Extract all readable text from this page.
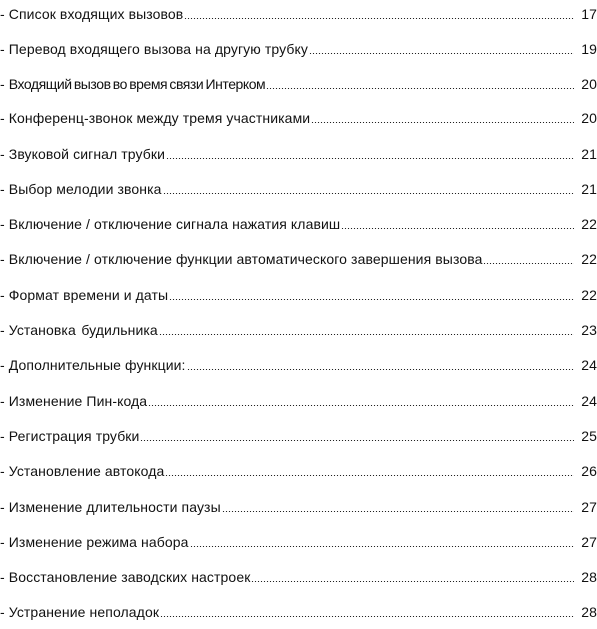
- Список входящих вызовов	17
- Перевод входящего вызова на другую трубку	19
- Входящий вызов во время связи Интерком	20
- Конференц-звонок между тремя участниками	20
- Звуковой сигнал трубки	21
- Выбор мелодии звонка	21
- Включение / отключение сигнала нажатия клавиш	22
- Включение / отключение функции автоматического завершения вызова	22
- Формат времени и даты	22
- Установка будильника	23
- Дополнительные функции:	24
- Изменение Пин-кода	24
- Регистрация трубки	25
- Установление автокода	26
- Изменение длительности паузы	27
- Изменение режима набора	27
- Восстановление заводских настроек	28
- Устранение неполадок	28
